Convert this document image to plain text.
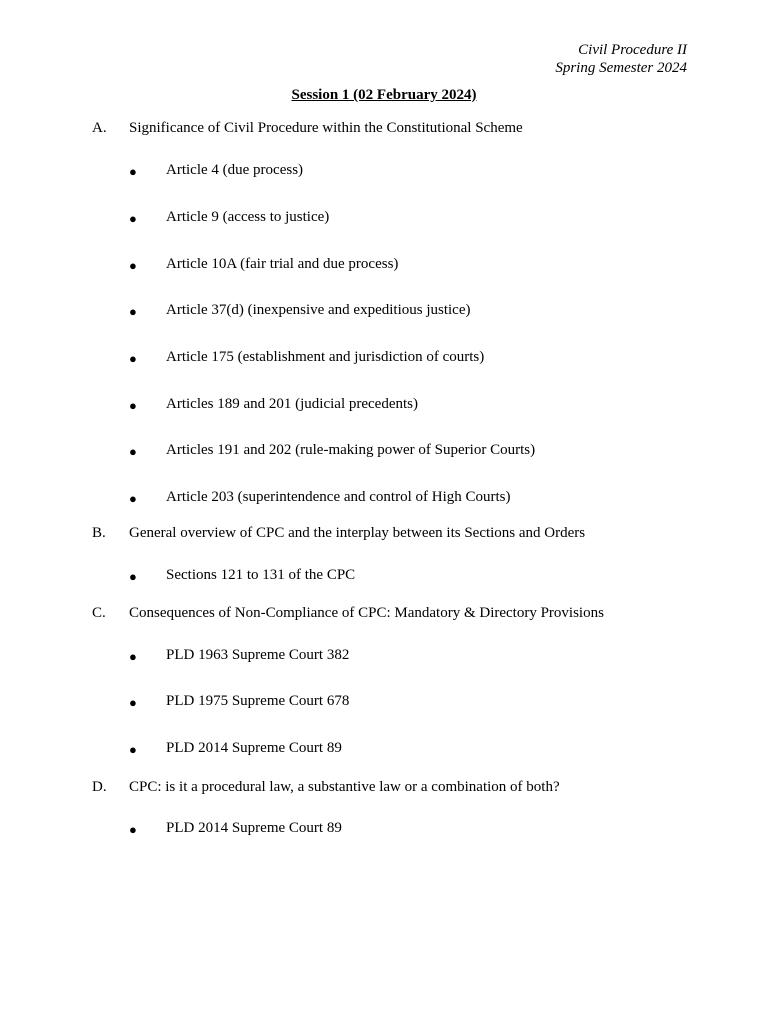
Civil Procedure II
Spring Semester 2024
Session 1 (02 February 2024)
A. Significance of Civil Procedure within the Constitutional Scheme
● Article 4 (due process)
● Article 9 (access to justice)
● Article 10A (fair trial and due process)
● Article 37(d) (inexpensive and expeditious justice)
● Article 175 (establishment and jurisdiction of courts)
● Articles 189 and 201 (judicial precedents)
● Articles 191 and 202 (rule-making power of Superior Courts)
● Article 203 (superintendence and control of High Courts)
B. General overview of CPC and the interplay between its Sections and Orders
● Sections 121 to 131 of the CPC
C. Consequences of Non-Compliance of CPC: Mandatory & Directory Provisions
● PLD 1963 Supreme Court 382
● PLD 1975 Supreme Court 678
● PLD 2014 Supreme Court 89
D. CPC: is it a procedural law, a substantive law or a combination of both?
● PLD 2014 Supreme Court 89
